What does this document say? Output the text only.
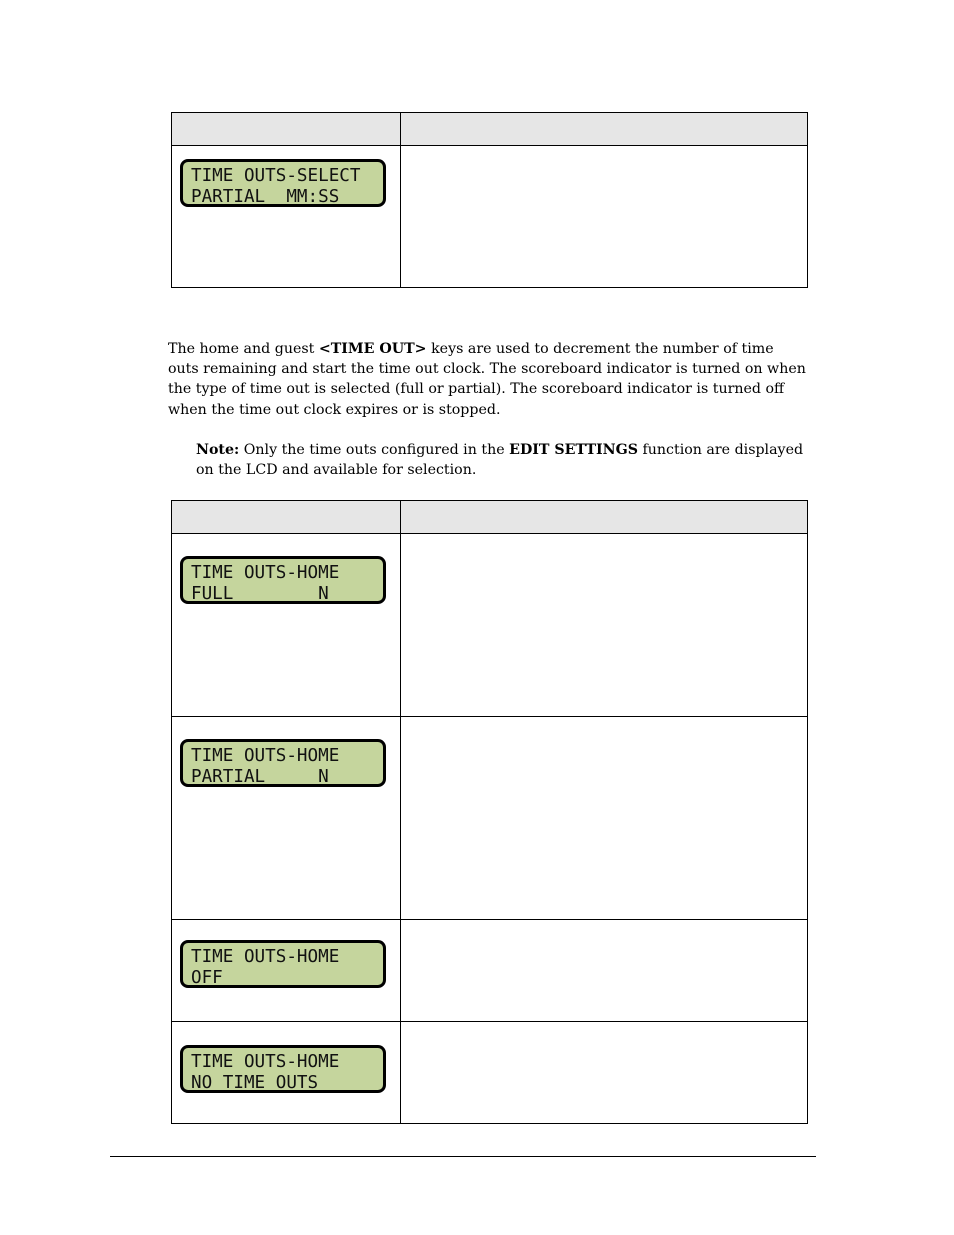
TIME OUTS-SELECT
PARTIAL  MM:SS	

The home and guest <TIME OUT> keys are used to decrement the number of time outs remaining and start the time out clock. The scoreboard indicator is turned on when the type of time out is selected (full or partial). The scoreboard indicator is turned off when the time out clock expires or is stopped.
Note: Only the time outs configured in the EDIT SETTINGS function are displayed on the LCD and available for selection.

TIME OUTS-HOME
FULL        N	

TIME OUTS-HOME
PARTIAL     N	

TIME OUTS-HOME
OFF	

TIME OUTS-HOME
NO TIME OUTS	
